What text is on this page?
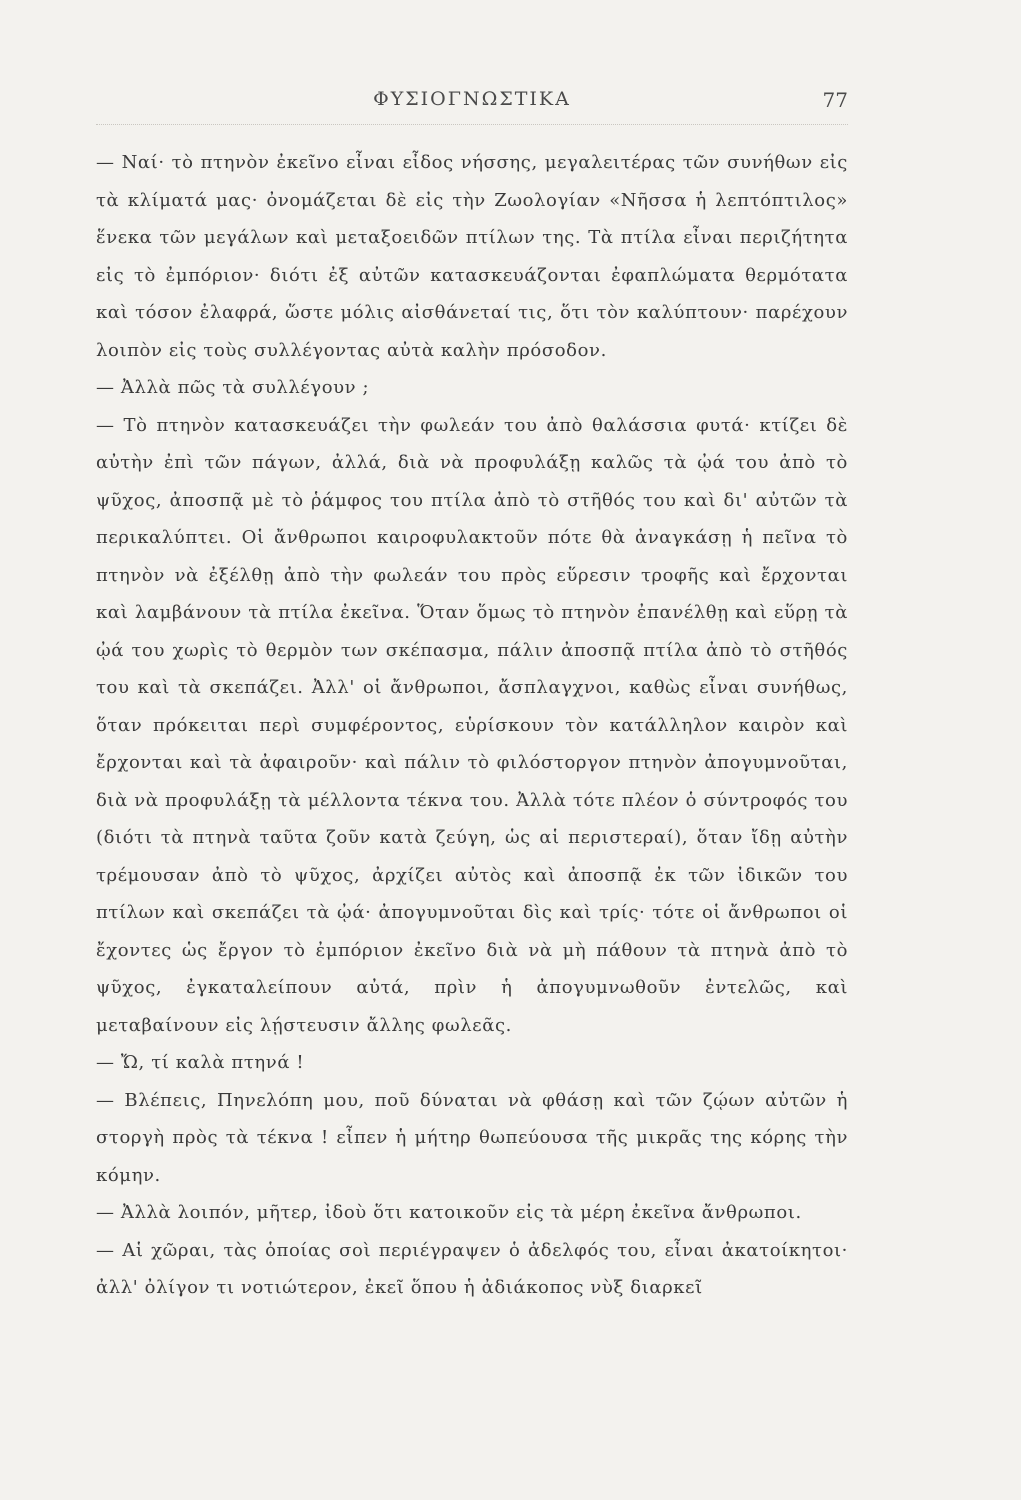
ΦΥΣΙΟΓΝΩΣΤΙΚΑ	77

— Ναί· τὸ πτηνὸν ἐκεῖνο εἶναι εἶδος νήσσης, μεγαλειτέρας τῶν συνήθων εἰς τὰ κλίματά μας· ὀνομάζεται δὲ εἰς τὴν Ζωολογίαν «Νῆσσα ἡ λεπτόπτιλος» ἕνεκα τῶν μεγάλων καὶ μεταξοειδῶν πτίλων της. Τὰ πτίλα εἶναι περιζήτητα εἰς τὸ ἐμπόριον· διότι ἐξ αὐτῶν κατασκευάζονται ἐφαπλώματα θερμότατα καὶ τόσον ἐλαφρά, ὥστε μόλις αἰσθάνεταί τις, ὅτι τὸν καλύπτουν· παρέχουν λοιπὸν εἰς τοὺς συλλέγοντας αὐτὰ καλὴν πρόσοδον.

— Ἀλλὰ πῶς τὰ συλλέγουν ;

— Τὸ πτηνὸν κατασκευάζει τὴν φωλεάν του ἀπὸ θαλάσσια φυτά· κτίζει δὲ αὐτὴν ἐπὶ τῶν πάγων, ἀλλά, διὰ νὰ προφυλάξῃ καλῶς τὰ ᾠά του ἀπὸ τὸ ψῦχος, ἀποσπᾷ μὲ τὸ ῥάμφος του πτίλα ἀπὸ τὸ στῆθός του καὶ δι' αὐτῶν τὰ περικαλύπτει. Οἱ ἄνθρωποι καιροφυλακτοῦν πότε θὰ ἀναγκάσῃ ἡ πεῖνα τὸ πτηνὸν νὰ ἐξέλθῃ ἀπὸ τὴν φωλεάν του πρὸς εὕρεσιν τροφῆς καὶ ἔρχονται καὶ λαμβάνουν τὰ πτίλα ἐκεῖνα. Ὅταν ὅμως τὸ πτηνὸν ἐπανέλθῃ καὶ εὕρῃ τὰ ᾠά του χωρὶς τὸ θερμὸν των σκέπασμα, πάλιν ἀποσπᾷ πτίλα ἀπὸ τὸ στῆθός του καὶ τὰ σκεπάζει. Ἀλλ' οἱ ἄνθρωποι, ἄσπλαγχνοι, καθὼς εἶναι συνήθως, ὅταν πρόκειται περὶ συμφέροντος, εὑρίσκουν τὸν κατάλληλον καιρὸν καὶ ἔρχονται καὶ τὰ ἀφαιροῦν· καὶ πάλιν τὸ φιλόστοργον πτηνὸν ἀπογυμνοῦται, διὰ νὰ προφυλάξῃ τὰ μέλλοντα τέκνα του. Ἀλλὰ τότε πλέον ὁ σύντροφός του (διότι τὰ πτηνὰ ταῦτα ζοῦν κατὰ ζεύγη, ὡς αἱ περιστεραί), ὅταν ἴδῃ αὐτὴν τρέμουσαν ἀπὸ τὸ ψῦχος, ἀρχίζει αὐτὸς καὶ ἀποσπᾷ ἐκ τῶν ἰδικῶν του πτίλων καὶ σκεπάζει τὰ ᾠά· ἀπογυμνοῦται δὶς καὶ τρίς· τότε οἱ ἄνθρωποι οἱ ἔχοντες ὡς ἔργον τὸ ἐμπόριον ἐκεῖνο διὰ νὰ μὴ πάθουν τὰ πτηνὰ ἀπὸ τὸ ψῦχος, ἐγκαταλείπουν αὐτά, πρὶν ἡ ἀπογυμνωθοῦν ἐντελῶς, καὶ μεταβαίνουν εἰς λῄστευσιν ἄλλης φωλεᾶς.

— Ὤ, τί καλὰ πτηνά !

— Βλέπεις, Πηνελόπη μου, ποῦ δύναται νὰ φθάσῃ καὶ τῶν ζῴων αὐτῶν ἡ στοργὴ πρὸς τὰ τέκνα ! εἶπεν ἡ μήτηρ θωπεύουσα τῆς μικρᾶς της κόρης τὴν κόμην.

— Ἀλλὰ λοιπόν, μῆτερ, ἰδοὺ ὅτι κατοικοῦν εἰς τὰ μέρη ἐκεῖνα ἄνθρωποι.

— Αἱ χῶραι, τὰς ὁποίας σοὶ περιέγραψεν ὁ ἀδελφός του, εἶναι ἀκατοίκητοι· ἀλλ' ὀλίγον τι νοτιώτερον, ἐκεῖ ὅπου ἡ ἀδιάκοπος νὺξ διαρκεῖ
